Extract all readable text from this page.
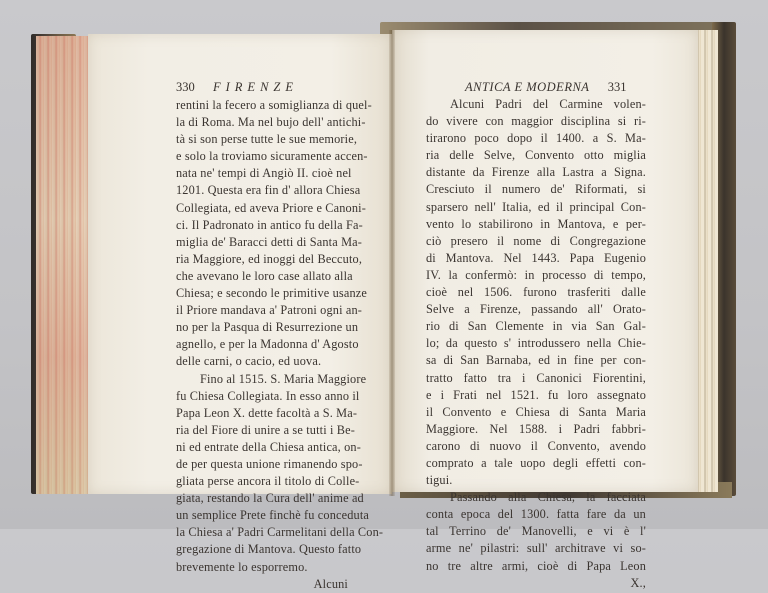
330 FIRENZE	ANTICA E MODERNA 331
rentini la fecero a somiglianza di quel-
la di Roma. Ma nel bujo dell' antichi-
tà si son perse tutte le sue memorie,
e solo la troviamo sicuramente accen-
nata ne' tempi di Angiò II. cioè nel
1201. Questa era fin d' allora Chiesa
Collegiata, ed aveva Priore e Canoni-
ci. Il Padronato in antico fu della Fa-
miglia de' Baracci detti di Santa Ma-
ria Maggiore, ed inoggi del Beccuto,
che avevano le loro case allato alla
Chiesa; e secondo le primitive usanze
il Priore mandava a' Patroni ogni an-
no per la Pasqua di Resurrezione un
agnello, e per la Madonna d' Agosto
delle carni, o cacio, ed uova.
Fino al 1515. S. Maria Maggiore
fu Chiesa Collegiata. In esso anno il
Papa Leon X. dette facoltà a S. Ma-
ria del Fiore di unire a se tutti i Be-
ni ed entrate della Chiesa antica, on-
de per questa unione rimanendo spo-
gliata perse ancora il titolo di Colle-
giata, restando la Cura dell' anime ad
un semplice Prete finchè fu conceduta
la Chiesa a' Padri Carmelitani della Con-
gregazione di Mantova. Questo fatto
brevemente lo esporremo.
Alcuni
Alcuni Padri del Carmine volen-
do vivere con maggior disciplina si ri-
tirarono poco dopo il 1400. a S. Ma-
ria delle Selve, Convento otto miglia
distante da Firenze alla Lastra a Signa.
Cresciuto il numero de' Riformati, si
sparsero nell' Italia, ed il principal Con-
vento lo stabilirono in Mantova, e per-
ciò presero il nome di Congregazione
di Mantova. Nel 1443. Papa Eugenio
IV. la confermò: in processo di tempo,
cioè nel 1506. furono trasferiti dalle
Selve a Firenze, passando all' Orato-
rio di San Clemente in via San Gal-
lo; da questo s' introdussero nella Chie-
sa di San Barnaba, ed in fine per con-
tratto fatto tra i Canonici Fiorentini,
e i Frati nel 1521. fu loro assegnato
il Convento e Chiesa di Santa Maria
Maggiore. Nel 1588. i Padri fabbri-
carono di nuovo il Convento, avendo
comprato a tale uopo degli effetti con-
tigui.
Passando alla Chiesa, la facciata
conta epoca del 1300. fatta fare da un
tal Terrino de' Manovelli, e vi è l'
arme ne' pilastri: sull' architrave vi so-
no tre altre armi, cioè di Papa Leon
X.,
